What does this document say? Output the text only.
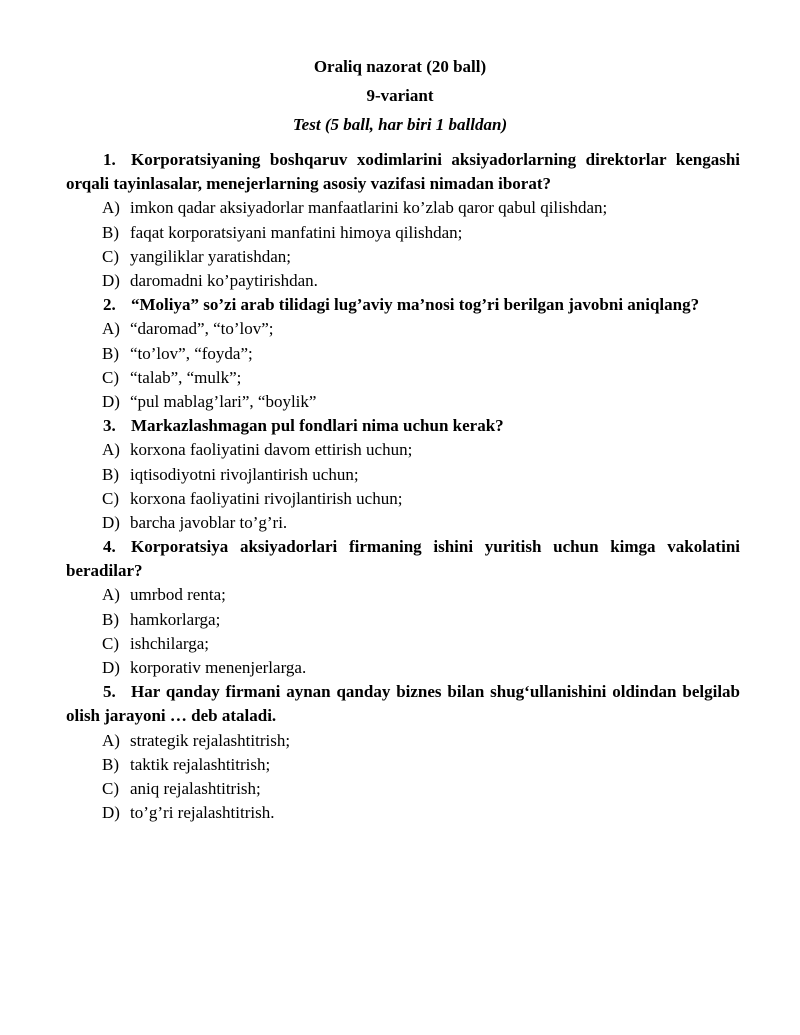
Oraliq nazorat (20 ball)
9-variant
Test (5 ball, har biri 1 balldan)

1. Korporatsiyaning boshqaruv xodimlarini aksiyadorlarning direktorlar kengashi orqali tayinlasalar, menejerlarning asosiy vazifasi nimadan iborat?

A) imkon qadar aksiyadorlar manfaatlarini ko’zlab qaror qabul qilishdan;
B) faqat korporatsiyani manfatini himoya qilishdan;
C) yangiliklar yaratishdan;
D) daromadni ko’paytirishdan.

2. “Moliya” so’zi arab tilidagi lug’aviy ma’nosi tog’ri berilgan javobni aniqlang?

A) “daromad”, “to’lov”;
B) “to’lov”, “foyda”;
C) “talab”, “mulk”;
D) “pul mablag’lari”, “boylik”

3. Markazlashmagan pul fondlari nima uchun kerak?

A) korxona faoliyatini davom ettirish uchun;
B) iqtisodiyotni rivojlantirish uchun;
C) korxona faoliyatini rivojlantirish uchun;
D) barcha javoblar to’g’ri.

4. Korporatsiya aksiyadorlari firmaning ishini yuritish uchun kimga vakolatini beradilar?

A) umrbod renta;
B) hamkorlarga;
C) ishchilarga;
D) korporativ menenjerlarga.

5. Har qanday firmani aynan qanday biznes bilan shug‘ullanishini oldindan belgilab olish jarayoni … deb ataladi.

A) strategik rejalashtitrish;
B) taktik rejalashtitrish;
C) aniq rejalashtitrish;
D) to’g’ri rejalashtitrish.
